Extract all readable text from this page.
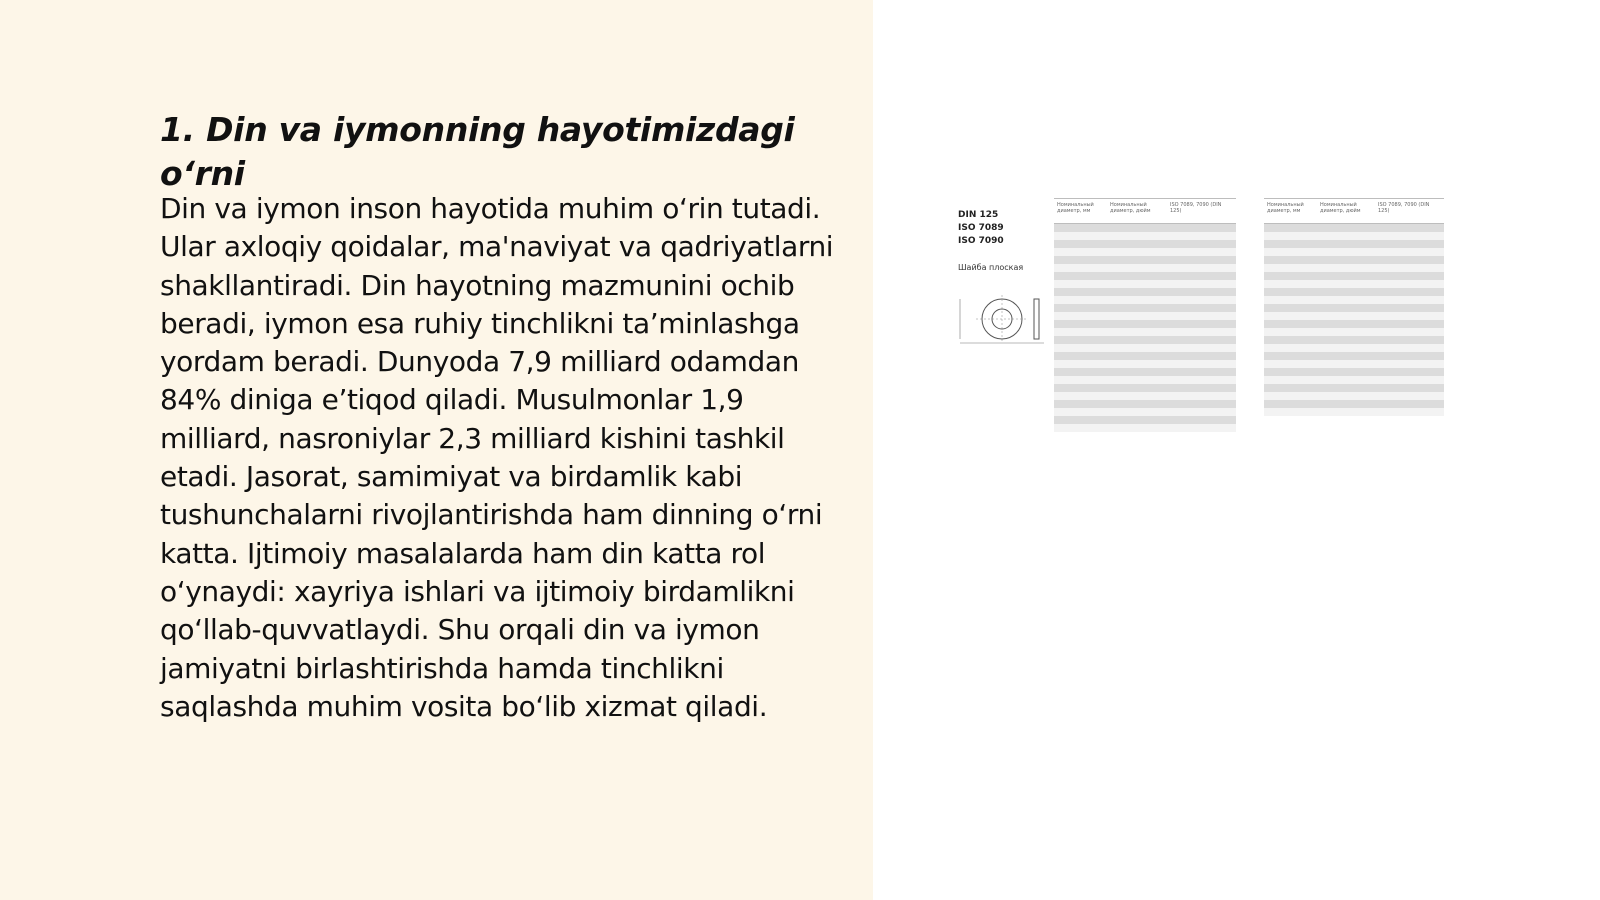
1. Din va iymonning hayotimizdagi o‘rni

Din va iymon inson hayotida muhim o‘rin tutadi. Ular axloqiy qoidalar, ma'naviyat va qadriyatlarni shakllantiradi. Din hayotning mazmunini ochib beradi, iymon esa ruhiy tinchlikni ta’minlashga yordam beradi. Dunyoda 7,9 milliard odamdan 84% diniga e’tiqod qiladi. Musulmonlar 1,9 milliard, nasroniylar 2,3 milliard kishini tashkil etadi. Jasorat, samimiyat va birdamlik kabi tushunchalarni rivojlantirishda ham dinning o‘rni katta. Ijtimoiy masalalarda ham din katta rol o‘ynaydi: xayriya ishlari va ijtimoiy birdamlikni qo‘llab-quvvatlaydi. Shu orqali din va iymon jamiyatni birlashtirishda hamda tinchlikni saqlashda muhim vosita bo‘lib xizmat qiladi.

DIN 125
ISO 7089
ISO 7090
Шайба плоская
Номинальный диаметр, мм
Номинальный диаметр, дюйм
ISO 7089, 7090 (DIN 125)
Номинальный диаметр, мм
Номинальный диаметр, дюйм
ISO 7089, 7090 (DIN 125)
